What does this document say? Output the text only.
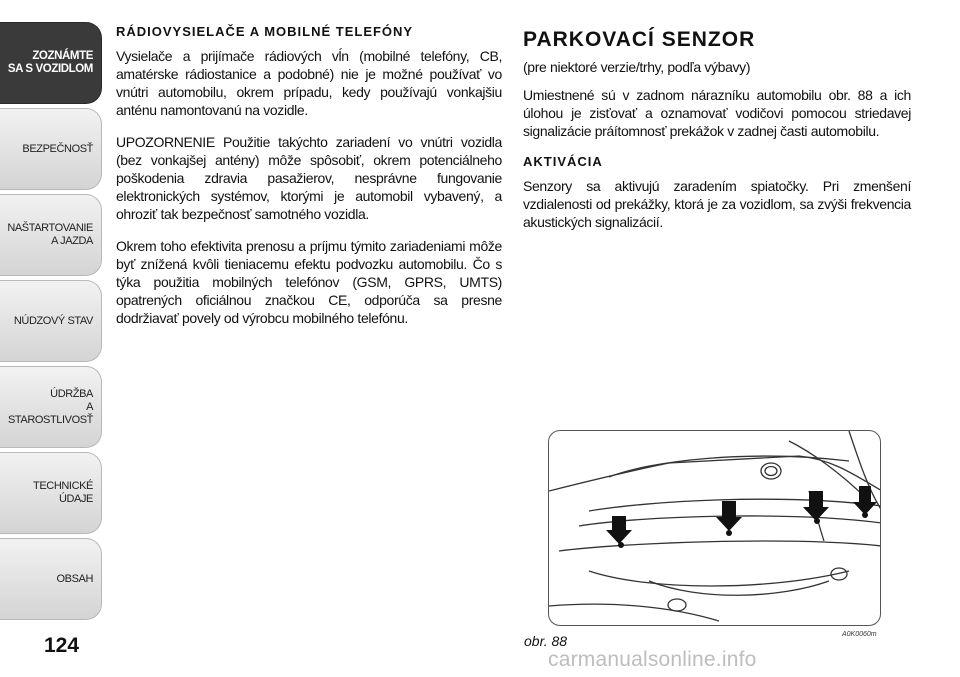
ZOZNÁMTE
SA S VOZIDLOM
BEZPEČNOSŤ
NAŠTARTOVANIE
A JAZDA
NÚDZOVÝ STAV
ÚDRŽBA
A STAROSTLIVOSŤ
TECHNICKÉ
ÚDAJE
OBSAH
124
RÁDIOVYSIELAČE A MOBILNÉ TELEFÓNY

Vysielače a prijímače rádiových vĺn (mobilné telefóny, CB, amatérske rádiostanice a podobné) nie je možné používať vo vnútri automobilu, okrem prípadu, kedy používajú vonkajšiu anténu namontovanú na vozidle.

UPOZORNENIE Použitie takýchto zariadení vo vnútri vozidla (bez vonkajšej antény) môže spôsobiť, okrem potenciálneho poškodenia zdravia pasažierov, nesprávne fungovanie elektronických systémov, ktorými je automobil vybavený, a ohroziť tak bezpečnosť samotného vozidla.

Okrem toho efektivita prenosu a príjmu týmito zariadeniami môže byť znížená kvôli tieniacemu efektu podvozku automobilu. Čo s týka použitia mobilných telefónov (GSM, GPRS, UMTS) opatrených oficiálnou značkou CE, odporúča sa presne dodržiavať povely od výrobcu mobilného telefónu.

PARKOVACÍ SENZOR

(pre niektoré verzie/trhy, podľa výbavy)

Umiestnené sú v zadnom nárazníku automobilu obr. 88 a ich úlohou je zisťovať a oznamovať vodičovi pomocou striedavej signalizácie práítomnosť prekážok v zadnej časti automobilu.

AKTIVÁCIA

Senzory sa aktivujú zaradením spiatočky. Pri zmenšení vzdialenosti od prekážky, ktorá je za vozidlom, sa zvýši frekvencia akustických signalizácií.

obr. 88	A0K0060m
carmanualsonline.info
